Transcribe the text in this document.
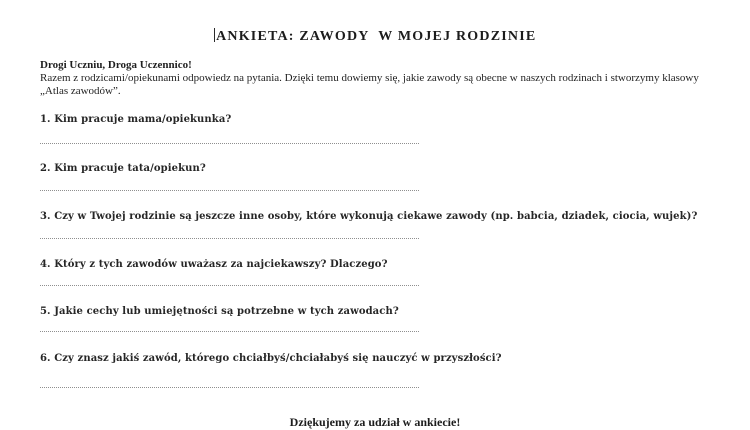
ANKIETA: ZAWODY  W MOJEJ RODZINIE

Drogi Uczniu, Droga Uczennico!

Razem z rodzicami/opiekunami odpowiedz na pytania. Dzięki temu dowiemy się, jakie zawody są obecne w naszych rodzinach i stworzymy klasowy „Atlas zawodów”.

1. Kim pracuje mama/opiekunka?

2. Kim pracuje tata/opiekun?

3. Czy w Twojej rodzinie są jeszcze inne osoby, które wykonują ciekawe zawody (np. babcia, dziadek, ciocia, wujek)?

4. Który z tych zawodów uważasz za najciekawszy? Dlaczego?

5. Jakie cechy lub umiejętności są potrzebne w tych zawodach?

6. Czy znasz jakiś zawód, którego chciałbyś/chciałabyś się nauczyć w przyszłości?

Dziękujemy za udział w ankiecie!
